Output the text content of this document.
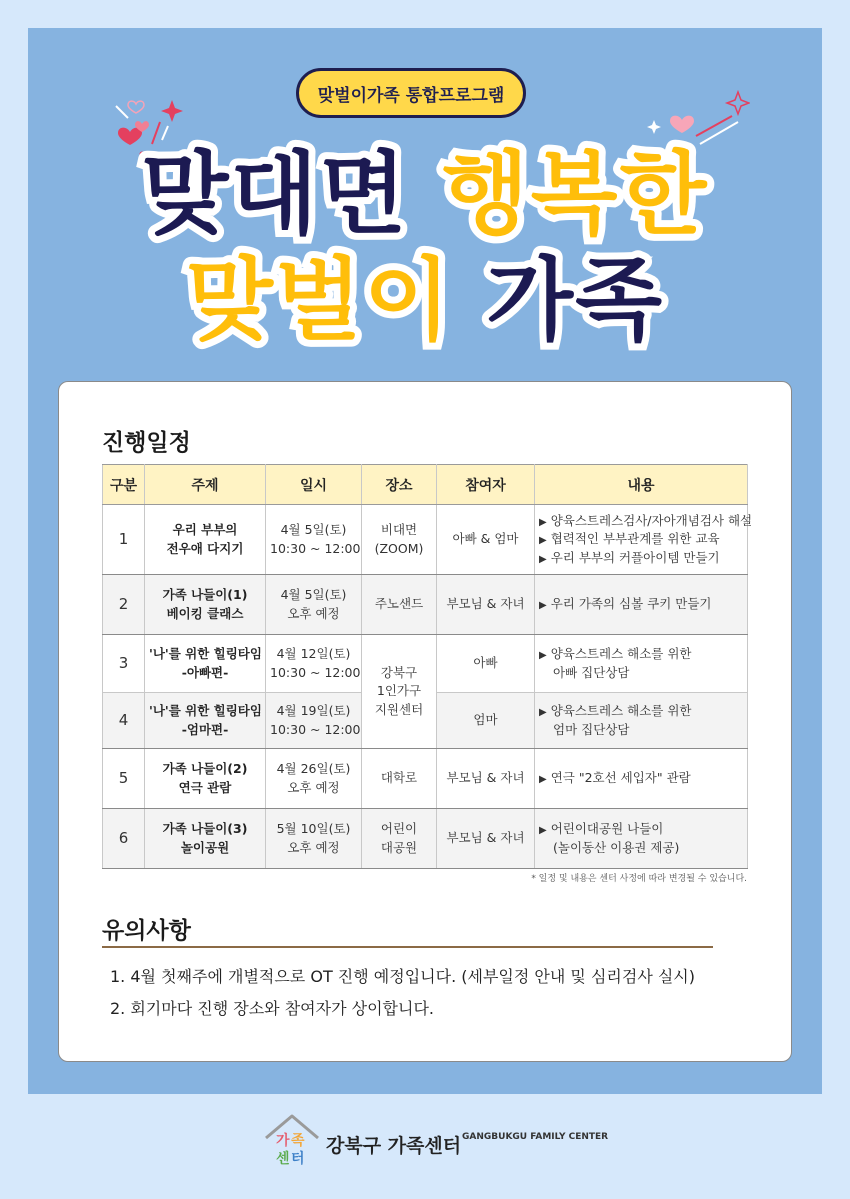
맞벌이가족 통합프로그램
맞대면 행복한
맞벌이 가족
진행일정
구분	주제	일시	장소	참여자	내용
1	우리 부부의
전우애 다지기	4월 5일(토)
10:30 ~ 12:00	비대면
(ZOOM)	아빠 & 엄마	▶ 양육스트레스검사/자아개념검사 해설
▶ 협력적인 부부관계를 위한 교육
▶ 우리 부부의 커플아이템 만들기

2	가족 나들이(1)
베이킹 클래스	4월 5일(토)
오후 예정	주노샌드	부모님 & 자녀	▶ 우리 가족의 심볼 쿠키 만들기

3	'나'를 위한 힐링타임
-아빠편-	4월 12일(토)
10:30 ~ 12:00	강북구
1인가구
지원센터	아빠	▶ 양육스트레스 해소를 위한
아빠 집단상담

4	'나'를 위한 힐링타임
-엄마편-	4월 19일(토)
10:30 ~ 12:00		엄마	▶ 양육스트레스 해소를 위한
엄마 집단상담

5	가족 나들이(2)
연극 관람	4월 26일(토)
오후 예정	대학로	부모님 & 자녀	▶ 연극 "2호선 세입자" 관람

6	가족 나들이(3)
놀이공원	5월 10일(토)
오후 예정	어린이
대공원	부모님 & 자녀	▶ 어린이대공원 나들이
(놀이동산 이용권 제공)
* 일정 및 내용은 센터 사정에 따라 변경될 수 있습니다.
유의사항
1. 4월 첫째주에 개별적으로 OT 진행 예정입니다. (세부일정 안내 및 심리검사 실시)
2. 회기마다 진행 장소와 참여자가 상이합니다.
가 족
센 터
강북구 가족센터 GANGBUKGU FAMILY CENTER
